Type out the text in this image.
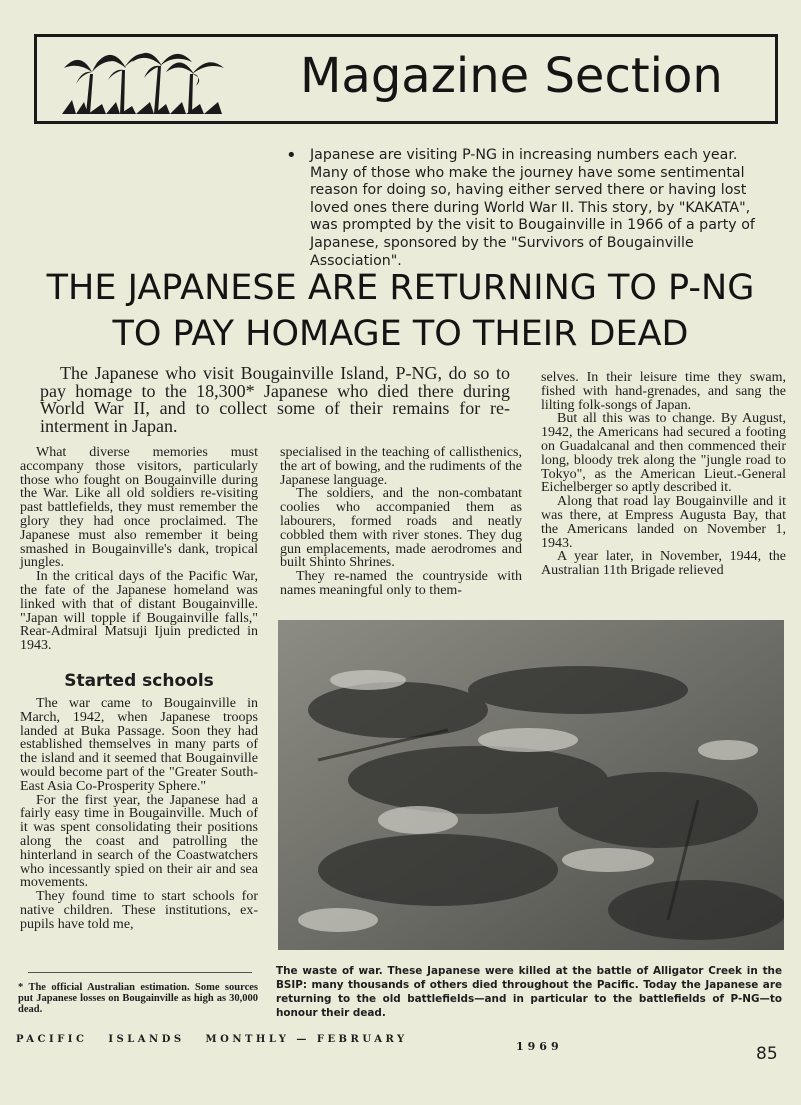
Magazine Section
• Japanese are visiting P-NG in increasing numbers each year. Many of those who make the journey have some sentimental reason for doing so, having either served there or having lost loved ones there during World War II. This story, by "KAKATA", was prompted by the visit to Bougainville in 1966 of a party of Japanese, sponsored by the "Survivors of Bougainville Association".
THE JAPANESE ARE RETURNING TO P-NG
TO PAY HOMAGE TO THEIR DEAD
The Japanese who visit Bougainville Island, P-NG, do so to pay homage to the 18,300* Japanese who died there during World War II, and to collect some of their remains for re-interment in Japan.

What diverse memories must accompany those visitors, particularly those who fought on Bougainville during the War. Like all old soldiers re-visiting past battlefields, they must remember the glory they had once proclaimed. The Japanese must also remember it being smashed in Bougainville's dank, tropical jungles.

In the critical days of the Pacific War, the fate of the Japanese homeland was linked with that of distant Bougainville. "Japan will topple if Bougainville falls," Rear-Admiral Matsuji Ijuin predicted in 1943.

Started schools

The war came to Bougainville in March, 1942, when Japanese troops landed at Buka Passage. Soon they had established themselves in many parts of the island and it seemed that Bougainville would become part of the "Greater South-East Asia Co-Prosperity Sphere."

For the first year, the Japanese had a fairly easy time in Bougainville. Much of it was spent consolidating their positions along the coast and patrolling the hinterland in search of the Coastwatchers who incessantly spied on their air and sea movements.

They found time to start schools for native children. These institutions, ex-pupils have told me,

specialised in the teaching of callisthenics, the art of bowing, and the rudiments of the Japanese language.

The soldiers, and the non-combatant coolies who accompanied them as labourers, formed roads and neatly cobbled them with river stones. They dug gun emplacements, made aerodromes and built Shinto Shrines.

They re-named the countryside with names meaningful only to them-

selves. In their leisure time they swam, fished with hand-grenades, and sang the lilting folk-songs of Japan.

But all this was to change. By August, 1942, the Americans had secured a footing on Guadalcanal and then commenced their long, bloody trek along the "jungle road to Tokyo", as the American Lieut.-General Eichelberger so aptly described it.

Along that road lay Bougainville and it was there, at Empress Augusta Bay, that the Americans landed on November 1, 1943.

A year later, in November, 1944, the Australian 11th Brigade relieved

The waste of war. These Japanese were killed at the battle of Alligator Creek in the BSIP: many thousands of others died throughout the Pacific. Today the Japanese are returning to the old battlefields—and in particular to the battlefields of P-NG—to honour their dead.
* The official Australian estimation. Some sources put Japanese losses on Bougainville as high as 30,000 dead.
PACIFIC   ISLANDS   MONTHLY — FEBRUARY
1969	85
